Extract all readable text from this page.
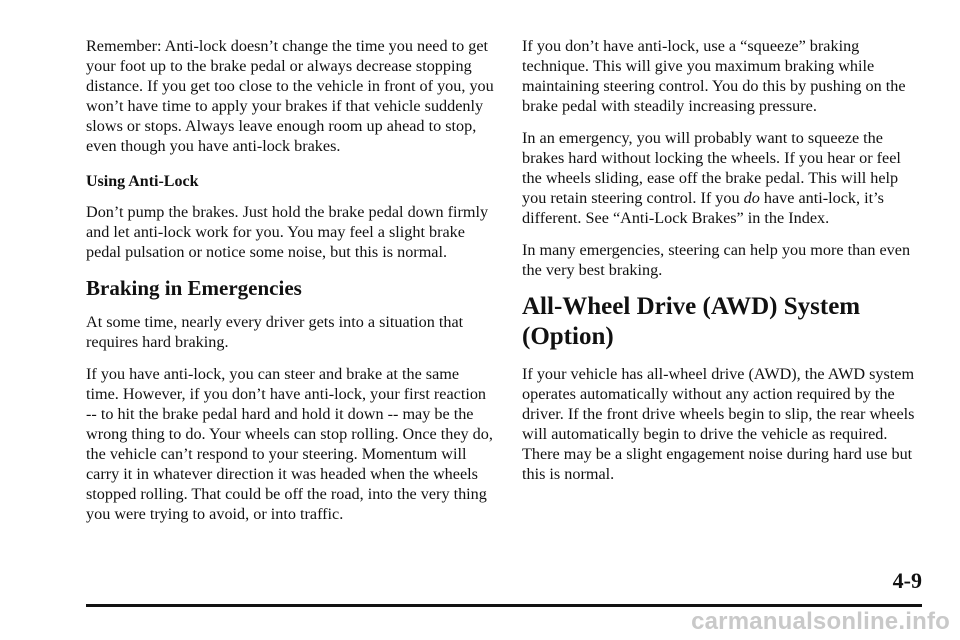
Remember: Anti-lock doesn’t change the time you need to get your foot up to the brake pedal or always decrease stopping distance. If you get too close to the vehicle in front of you, you won’t have time to apply your brakes if that vehicle suddenly slows or stops. Always leave enough room up ahead to stop, even though you have anti-lock brakes.

Using Anti-Lock

Don’t pump the brakes. Just hold the brake pedal down firmly and let anti-lock work for you. You may feel a slight brake pedal pulsation or notice some noise, but this is normal.

Braking in Emergencies

At some time, nearly every driver gets into a situation that requires hard braking.

If you have anti-lock, you can steer and brake at the same time. However, if you don’t have anti-lock, your first reaction -- to hit the brake pedal hard and hold it down -- may be the wrong thing to do. Your wheels can stop rolling. Once they do, the vehicle can’t respond to your steering. Momentum will carry it in whatever direction it was headed when the wheels stopped rolling. That could be off the road, into the very thing you were trying to avoid, or into traffic.

If you don’t have anti-lock, use a “squeeze” braking technique. This will give you maximum braking while maintaining steering control. You do this by pushing on the brake pedal with steadily increasing pressure.

In an emergency, you will probably want to squeeze the brakes hard without locking the wheels. If you hear or feel the wheels sliding, ease off the brake pedal. This will help you retain steering control. If you do have anti-lock, it’s different. See “Anti-Lock Brakes” in the Index.

In many emergencies, steering can help you more than even the very best braking.

All-Wheel Drive (AWD) System (Option)

If your vehicle has all-wheel drive (AWD), the AWD system operates automatically without any action required by the driver. If the front drive wheels begin to slip, the rear wheels will automatically begin to drive the vehicle as required. There may be a slight engagement noise during hard use but this is normal.

4-9
carmanualsonline.info
